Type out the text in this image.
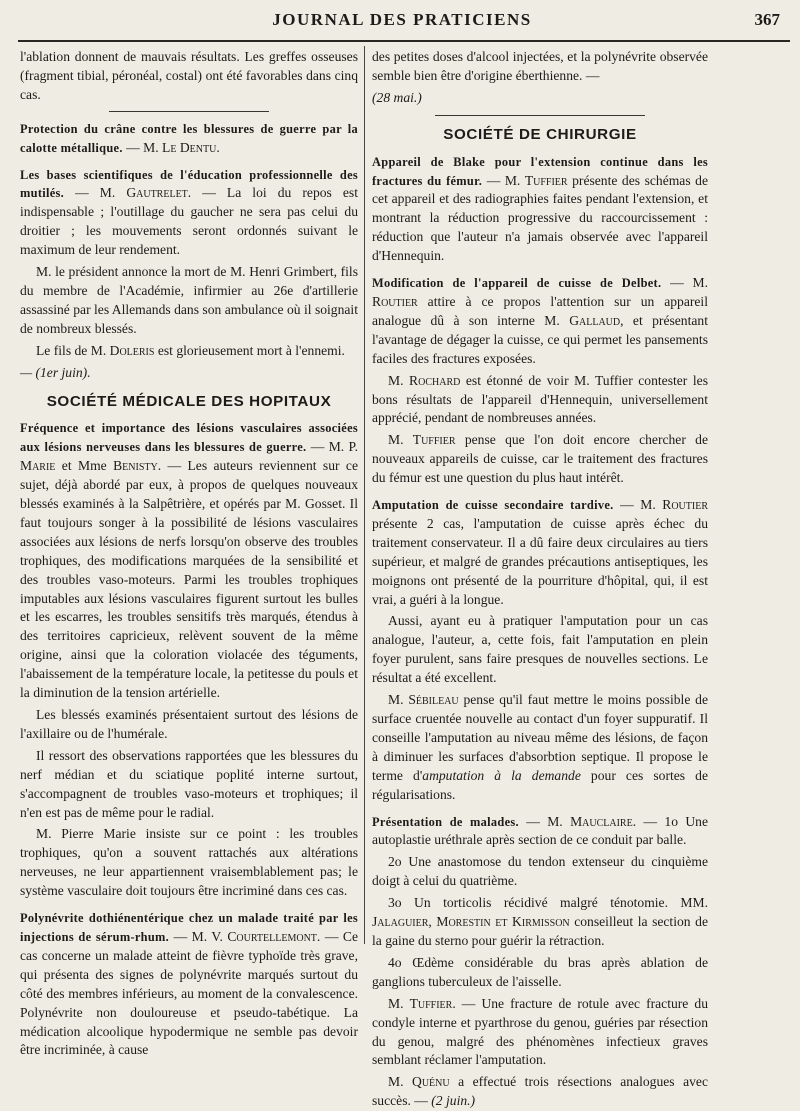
JOURNAL DES PRATICIENS	367

l'ablation donnent de mauvais résultats. Les greffes osseuses (fragment tibial, péronéal, costal) ont été favorables dans cinq cas.

Protection du crâne contre les blessures de guerre par la calotte métallique. — M. Le Dentu.

Les bases scientifiques de l'éducation professionnelle des mutilés. — M. Gautrelet. — La loi du repos est indispensable ; l'outillage du gaucher ne sera pas celui du droitier ; les mouvements seront ordonnés suivant le maximum de leur rendement.

M. le président annonce la mort de M. Henri Grimbert, fils du membre de l'Académie, infirmier au 26e d'artillerie assassiné par les Allemands dans son ambulance où il soignait de nombreux blessés.

Le fils de M. Doleris est glorieusement mort à l'ennemi.

— (1er juin).

SOCIÉTÉ MÉDICALE DES HOPITAUX

Fréquence et importance des lésions vasculaires associées aux lésions nerveuses dans les blessures de guerre. — M. P. Marie et Mme Benisty. — Les auteurs reviennent sur ce sujet, déjà abordé par eux, à propos de quelques nouveaux blessés examinés à la Salpêtrière, et opérés par M. Gosset. Il faut toujours songer à la possibilité de lésions vasculaires associées aux lésions de nerfs lorsqu'on observe des troubles trophiques, des modifications marquées de la sensibilité et des troubles vaso-moteurs. Parmi les troubles trophiques imputables aux lésions vasculaires figurent surtout les bulles et les escarres, les troubles sensitifs très marqués, étendus à des territoires capricieux, relèvent souvent de la même origine, ainsi que la coloration violacée des téguments, l'abaissement de la température locale, la petitesse du pouls et la diminution de la tension artérielle.

Les blessés examinés présentaient surtout des lésions de l'axillaire ou de l'humérale.

Il ressort des observations rapportées que les blessures du nerf médian et du sciatique poplité interne surtout, s'accompagnent de troubles vaso-moteurs et trophiques; il n'en est pas de même pour le radial.

M. Pierre Marie insiste sur ce point : les troubles trophiques, qu'on a souvent rattachés aux altérations nerveuses, ne leur appartiennent vraisemblablement pas; le système vasculaire doit toujours être incriminé dans ces cas.

Polynévrite dothiénentérique chez un malade traité par les injections de sérum-rhum. — M. V. Courtellemont. — Ce cas concerne un malade atteint de fièvre typhoïde très grave, qui présenta des signes de polynévrite marqués surtout du côté des membres inférieurs, au moment de la convalescence. Polynévrite non douloureuse et pseudo-tabétique. La médication alcoolique hypodermique ne semble pas devoir être incriminée, à cause

des petites doses d'alcool injectées, et la polynévrite observée semble bien être d'origine éberthienne. —

(28 mai.)

SOCIÉTÉ DE CHIRURGIE

Appareil de Blake pour l'extension continue dans les fractures du fémur. — M. Tuffier présente des schémas de cet appareil et des radiographies faites pendant l'extension, et montrant la réduction progressive du raccourcissement : réduction que l'auteur n'a jamais observée avec l'appareil d'Hennequin.

Modification de l'appareil de cuisse de Delbet. — M. Routier attire à ce propos l'attention sur un appareil analogue dû à son interne M. Gallaud, et présentant l'avantage de dégager la cuisse, ce qui permet les pansements faciles des fractures exposées.

M. Rochard est étonné de voir M. Tuffier contester les bons résultats de l'appareil d'Hennequin, universellement apprécié, pendant de nombreuses années.

M. Tuffier pense que l'on doit encore chercher de nouveaux appareils de cuisse, car le traitement des fractures du fémur est une question du plus haut intérêt.

Amputation de cuisse secondaire tardive. — M. Routier présente 2 cas, l'amputation de cuisse après échec du traitement conservateur. Il a dû faire deux circulaires au tiers supérieur, et malgré de grandes précautions antiseptiques, les moignons ont présenté de la pourriture d'hôpital, qui, il est vrai, a guéri à la longue.

Aussi, ayant eu à pratiquer l'amputation pour un cas analogue, l'auteur, a, cette fois, fait l'amputation en plein foyer purulent, sans faire presques de nouvelles sections. Le résultat a été excellent.

M. Sébileau pense qu'il faut mettre le moins possible de surface cruentée nouvelle au contact d'un foyer suppuratif. Il conseille l'amputation au niveau même des lésions, de façon à diminuer les surfaces d'absorbtion septique. Il propose le terme d'amputation à la demande pour ces sortes de régularisations.

Présentation de malades. — M. Mauclaire. — 1o Une autoplastie uréthrale après section de ce conduit par balle.

2o Une anastomose du tendon extenseur du cinquième doigt à celui du quatrième.

3o Un torticolis récidivé malgré ténotomie. MM. Jalaguier, Morestin et Kirmisson conseilleut la section de la gaine du sterno pour guérir la rétraction.

4o Œdème considérable du bras après ablation de ganglions tuberculeux de l'aisselle.

M. Tuffier. — Une fracture de rotule avec fracture du condyle interne et pyarthrose du genou, guéries par résection du genou, malgré des phénomènes infectieux graves semblant réclamer l'amputation.

M. Quénu a effectué trois résections analogues avec succès. — (2 juin.)
